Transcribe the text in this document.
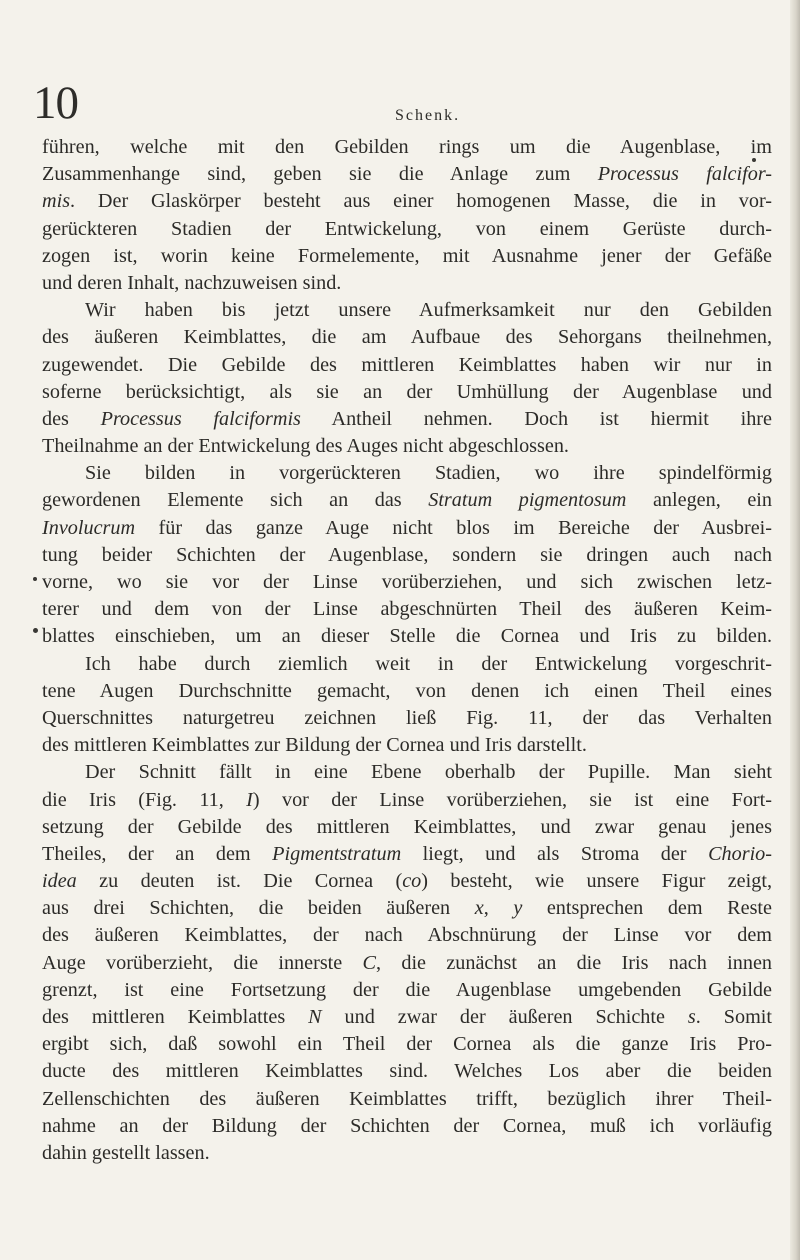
10	Schenk.
führen, welche mit den Gebilden rings um die Augenblase, im
Zusammenhange sind, geben sie die Anlage zum Processus falcifor-
mis. Der Glaskörper besteht aus einer homogenen Masse, die in vor-
gerückteren Stadien der Entwickelung, von einem Gerüste durch-
zogen ist, worin keine Formelemente, mit Ausnahme jener der Gefäße
und deren Inhalt, nachzuweisen sind.
Wir haben bis jetzt unsere Aufmerksamkeit nur den Gebilden
des äußeren Keimblattes, die am Aufbaue des Sehorgans theilnehmen,
zugewendet. Die Gebilde des mittleren Keimblattes haben wir nur in
soferne berücksichtigt, als sie an der Umhüllung der Augenblase und
des Processus falciformis Antheil nehmen. Doch ist hiermit ihre
Theilnahme an der Entwickelung des Auges nicht abgeschlossen.
Sie bilden in vorgerückteren Stadien, wo ihre spindelförmig
gewordenen Elemente sich an das Stratum pigmentosum anlegen, ein
Involucrum für das ganze Auge nicht blos im Bereiche der Ausbrei-
tung beider Schichten der Augenblase, sondern sie dringen auch nach
vorne, wo sie vor der Linse vorüberziehen, und sich zwischen letz-
terer und dem von der Linse abgeschnürten Theil des äußeren Keim-
blattes einschieben, um an dieser Stelle die Cornea und Iris zu bilden.
Ich habe durch ziemlich weit in der Entwickelung vorgeschrit-
tene Augen Durchschnitte gemacht, von denen ich einen Theil eines
Querschnittes naturgetreu zeichnen ließ Fig. 11, der das Verhalten
des mittleren Keimblattes zur Bildung der Cornea und Iris darstellt.
Der Schnitt fällt in eine Ebene oberhalb der Pupille. Man sieht
die Iris (Fig. 11, I) vor der Linse vorüberziehen, sie ist eine Fort-
setzung der Gebilde des mittleren Keimblattes, und zwar genau jenes
Theiles, der an dem Pigmentstratum liegt, und als Stroma der Chorio-
idea zu deuten ist. Die Cornea (co) besteht, wie unsere Figur zeigt,
aus drei Schichten, die beiden äußeren x, y entsprechen dem Reste
des äußeren Keimblattes, der nach Abschnürung der Linse vor dem
Auge vorüberzieht, die innerste C, die zunächst an die Iris nach innen
grenzt, ist eine Fortsetzung der die Augenblase umgebenden Gebilde
des mittleren Keimblattes N und zwar der äußeren Schichte s. Somit
ergibt sich, daß sowohl ein Theil der Cornea als die ganze Iris Pro-
ducte des mittleren Keimblattes sind. Welches Los aber die beiden
Zellenschichten des äußeren Keimblattes trifft, bezüglich ihrer Theil-
nahme an der Bildung der Schichten der Cornea, muß ich vorläufig
dahin gestellt lassen.
